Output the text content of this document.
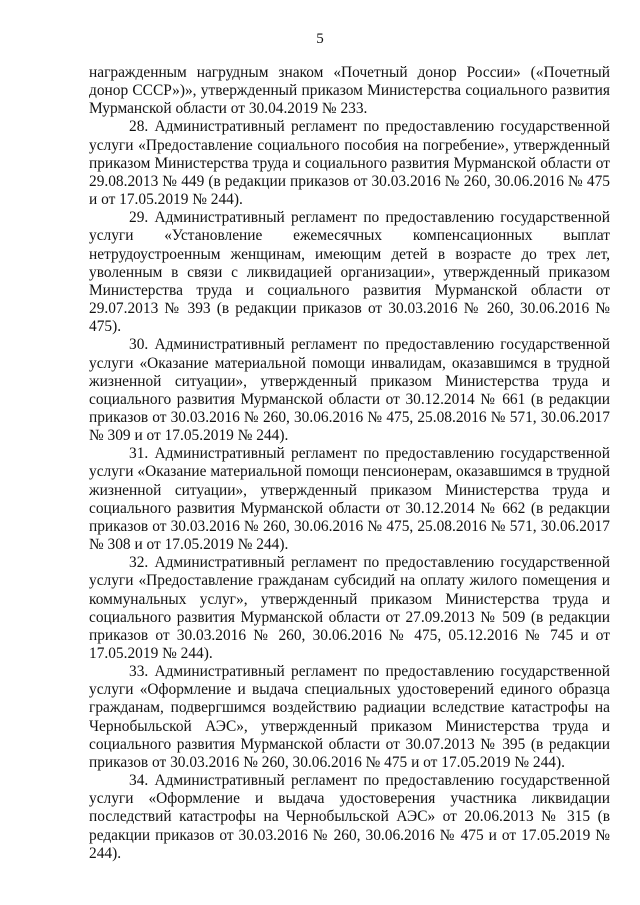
5

награжденным нагрудным знаком «Почетный донор России» («Почетный донор СССР»)», утвержденный приказом Министерства социального развития Мурманской области от 30.04.2019 № 233.

28. Административный регламент по предоставлению государственной услуги «Предоставление социального пособия на погребение», утвержденный приказом Министерства труда и социального развития Мурманской области от 29.08.2013 № 449 (в редакции приказов от 30.03.2016 № 260, 30.06.2016 № 475 и от 17.05.2019 № 244).

29. Административный регламент по предоставлению государственной услуги «Установление ежемесячных компенсационных выплат нетрудоустроенным женщинам, имеющим детей в возрасте до трех лет, уволенным в связи с ликвидацией организации», утвержденный приказом Министерства труда и социального развития Мурманской области от 29.07.2013 № 393 (в редакции приказов от 30.03.2016 № 260, 30.06.2016 № 475).

30. Административный регламент по предоставлению государственной услуги «Оказание материальной помощи инвалидам, оказавшимся в трудной жизненной ситуации», утвержденный приказом Министерства труда и социального развития Мурманской области от 30.12.2014 № 661 (в редакции приказов от 30.03.2016 № 260, 30.06.2016 № 475, 25.08.2016 № 571, 30.06.2017 № 309 и от 17.05.2019 № 244).

31. Административный регламент по предоставлению государственной услуги «Оказание материальной помощи пенсионерам, оказавшимся в трудной жизненной ситуации», утвержденный приказом Министерства труда и социального развития Мурманской области от 30.12.2014 № 662 (в редакции приказов от 30.03.2016 № 260, 30.06.2016 № 475, 25.08.2016 № 571, 30.06.2017 № 308 и от 17.05.2019 № 244).

32. Административный регламент по предоставлению государственной услуги «Предоставление гражданам субсидий на оплату жилого помещения и коммунальных услуг», утвержденный приказом Министерства труда и социального развития Мурманской области от 27.09.2013 № 509 (в редакции приказов от 30.03.2016 № 260, 30.06.2016 № 475, 05.12.2016 № 745 и от 17.05.2019 № 244).

33. Административный регламент по предоставлению государственной услуги «Оформление и выдача специальных удостоверений единого образца гражданам, подвергшимся воздействию радиации вследствие катастрофы на Чернобыльской АЭС», утвержденный приказом Министерства труда и социального развития Мурманской области от 30.07.2013 № 395 (в редакции приказов от 30.03.2016 № 260, 30.06.2016 № 475 и от 17.05.2019 № 244).

34. Административный регламент по предоставлению государственной услуги «Оформление и выдача удостоверения участника ликвидации последствий катастрофы на Чернобыльской АЭС» от 20.06.2013 № 315 (в редакции приказов от 30.03.2016 № 260, 30.06.2016 № 475 и от 17.05.2019 № 244).
